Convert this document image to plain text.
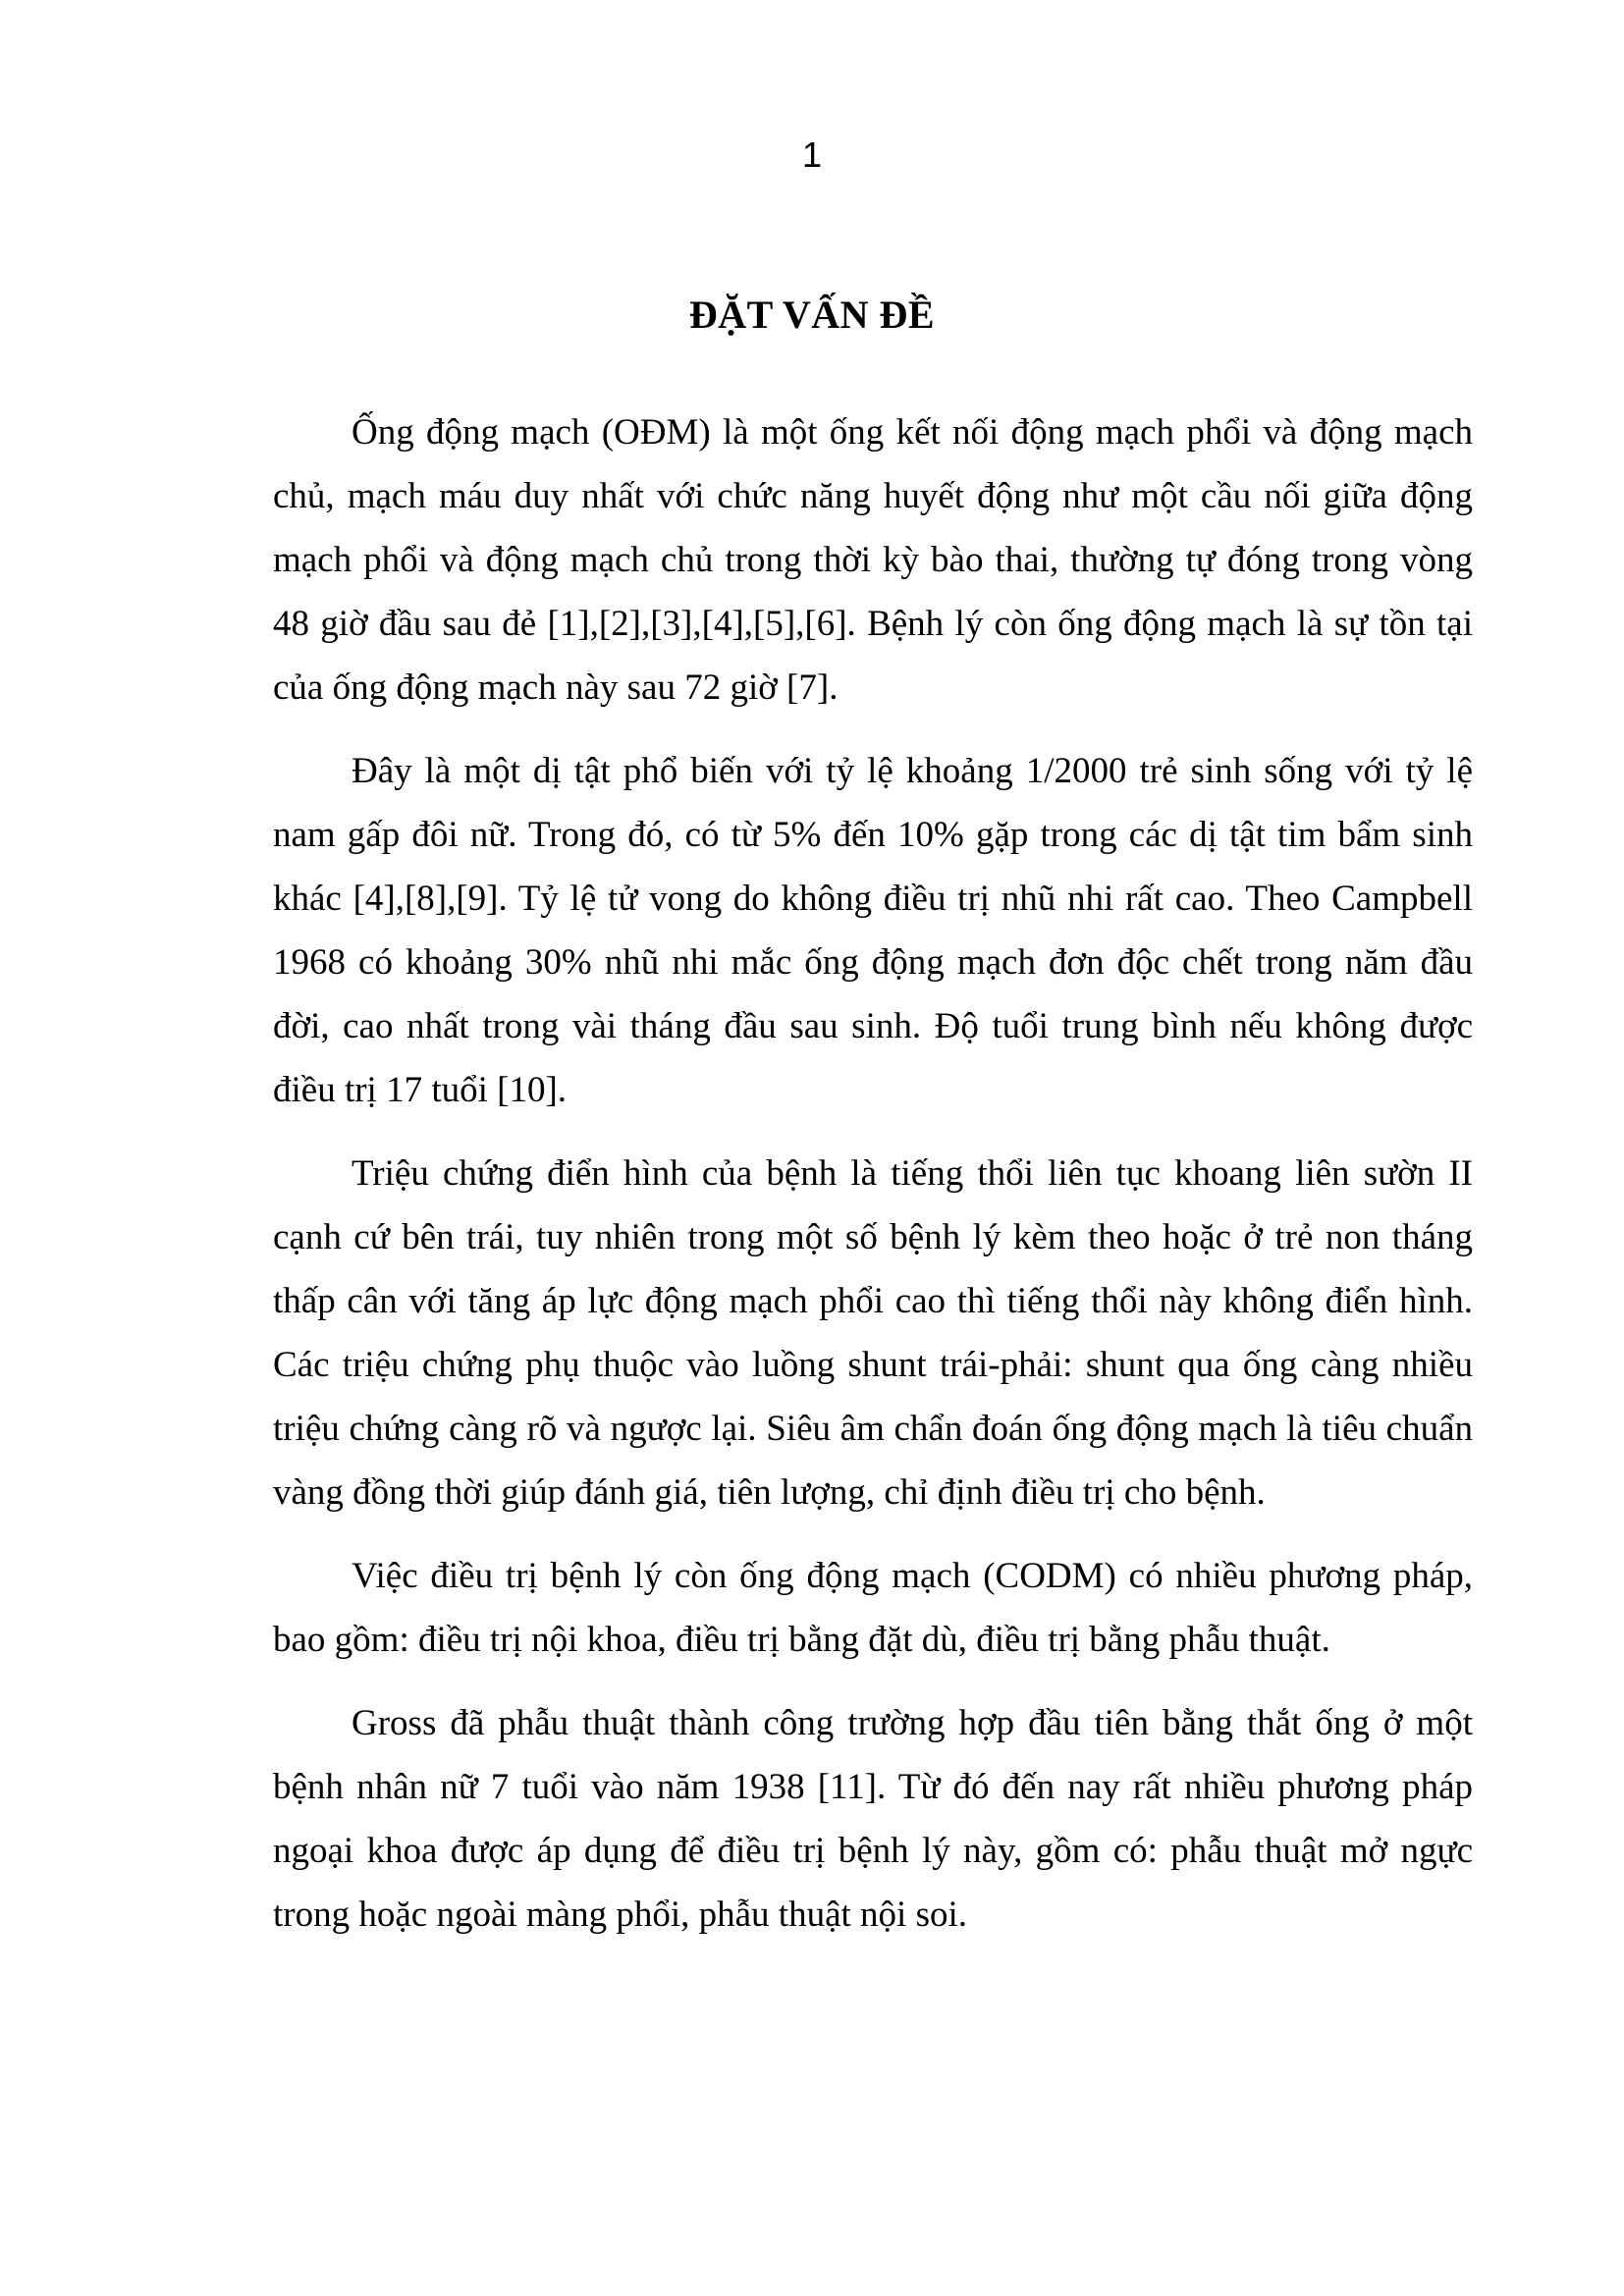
1
ĐẶT VẤN ĐỀ

Ống động mạch (OĐM) là một ống kết nối động mạch phổi và động mạch chủ, mạch máu duy nhất với chức năng huyết động như một cầu nối giữa động mạch phổi và động mạch chủ trong thời kỳ bào thai, thường tự đóng trong vòng 48 giờ đầu sau đẻ [1],[2],[3],[4],[5],[6]. Bệnh lý còn ống động mạch là sự tồn tại của ống động mạch này sau 72 giờ [7].

Đây là một dị tật phổ biến với tỷ lệ khoảng 1/2000 trẻ sinh sống với tỷ lệ nam gấp đôi nữ. Trong đó, có từ 5% đến 10% gặp trong các dị tật tim bẩm sinh khác [4],[8],[9]. Tỷ lệ tử vong do không điều trị nhũ nhi rất cao. Theo Campbell 1968 có khoảng 30% nhũ nhi mắc ống động mạch đơn độc chết trong năm đầu đời, cao nhất trong vài tháng đầu sau sinh. Độ tuổi trung bình nếu không được điều trị 17 tuổi [10].

Triệu chứng điển hình của bệnh là tiếng thổi liên tục khoang liên sườn II cạnh cứ bên trái, tuy nhiên trong một số bệnh lý kèm theo hoặc ở trẻ non tháng thấp cân với tăng áp lực động mạch phổi cao thì tiếng thổi này không điển hình. Các triệu chứng phụ thuộc vào luồng shunt trái-phải: shunt qua ống càng nhiều triệu chứng càng rõ và ngược lại. Siêu âm chẩn đoán ống động mạch là tiêu chuẩn vàng đồng thời giúp đánh giá, tiên lượng, chỉ định điều trị cho bệnh.

Việc điều trị bệnh lý còn ống động mạch (CODM) có nhiều phương pháp, bao gồm: điều trị nội khoa, điều trị bằng đặt dù, điều trị bằng phẫu thuật.

Gross đã phẫu thuật thành công trường hợp đầu tiên bằng thắt ống ở một bệnh nhân nữ 7 tuổi vào năm 1938 [11]. Từ đó đến nay rất nhiều phương pháp ngoại khoa được áp dụng để điều trị bệnh lý này, gồm có: phẫu thuật mở ngực trong hoặc ngoài màng phổi, phẫu thuật nội soi.
